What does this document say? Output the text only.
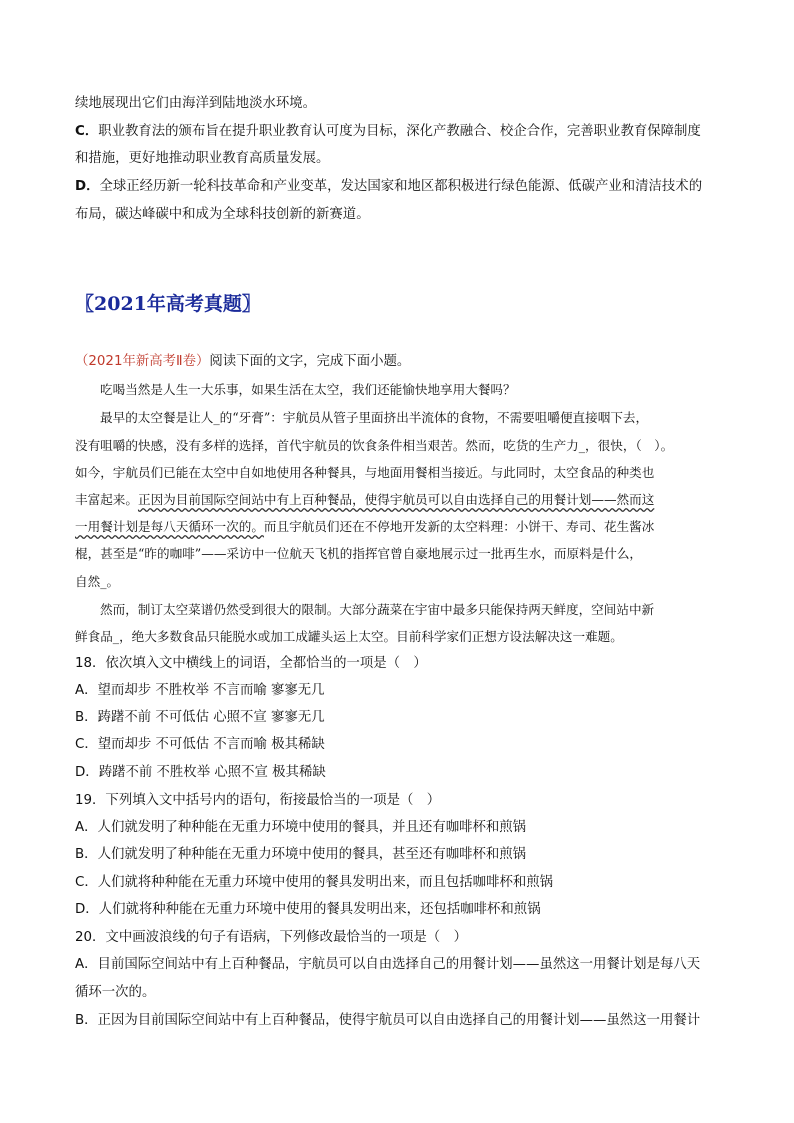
续地展现出它们由海洋到陆地淡水环境。
C．职业教育法的颁布旨在提升职业教育认可度为目标，深化产教融合、校企合作，完善职业教育保障制度
和措施，更好地推动职业教育高质量发展。
D．全球正经历新一轮科技革命和产业变革，发达国家和地区都积极进行绿色能源、低碳产业和清洁技术的
布局，碳达峰碳中和成为全球科技创新的新赛道。
〖2021年高考真题〗
（2021年新高考Ⅱ卷）阅读下面的文字，完成下面小题。
吃喝当然是人生一大乐事，如果生活在太空，我们还能愉快地享用大餐吗？
最早的太空餐是让人_的“牙膏”：宇航员从管子里面挤出半流体的食物，不需要咀嚼便直接咽下去，
没有咀嚼的快感，没有多样的选择，首代宇航员的饮食条件相当艰苦。然而，吃货的生产力_，很快，（　）。
如今，宇航员们已能在太空中自如地使用各种餐具，与地面用餐相当接近。与此同时，太空食品的种类也
丰富起来。正因为目前国际空间站中有上百种餐品，使得宇航员可以自由选择自己的用餐计划——然而这
一用餐计划是每八天循环一次的。而且宇航员们还在不停地开发新的太空料理：小饼干、寿司、花生酱冰
棍，甚至是“昨的咖啡”——采访中一位航天飞机的指挥官曾自豪地展示过一批再生水，而原料是什么，
自然_。
然而，制订太空菜谱仍然受到很大的限制。大部分蔬菜在宇宙中最多只能保持两天鲜度，空间站中新
鲜食品_，绝大多数食品只能脱水或加工成罐头运上太空。目前科学家们正想方设法解决这一难题。
18．依次填入文中横线上的词语，全都恰当的一项是（　）
A．望而却步 不胜枚举 不言而喻 寥寥无几
B．踌躇不前 不可低估 心照不宣 寥寥无几
C．望而却步 不可低估 不言而喻 极其稀缺
D．踌躇不前 不胜枚举 心照不宣 极其稀缺
19．下列填入文中括号内的语句，衔接最恰当的一项是（　）
A．人们就发明了种种能在无重力环境中使用的餐具，并且还有咖啡杯和煎锅
B．人们就发明了种种能在无重力环境中使用的餐具，甚至还有咖啡杯和煎锅
C．人们就将种种能在无重力环境中使用的餐具发明出来，而且包括咖啡杯和煎锅
D．人们就将种种能在无重力环境中使用的餐具发明出来，还包括咖啡杯和煎锅
20．文中画波浪线的句子有语病，下列修改最恰当的一项是（　）
A．目前国际空间站中有上百种餐品，宇航员可以自由选择自己的用餐计划——虽然这一用餐计划是每八天
循环一次的。
B．正因为目前国际空间站中有上百种餐品，使得宇航员可以自由选择自己的用餐计划——虽然这一用餐计
